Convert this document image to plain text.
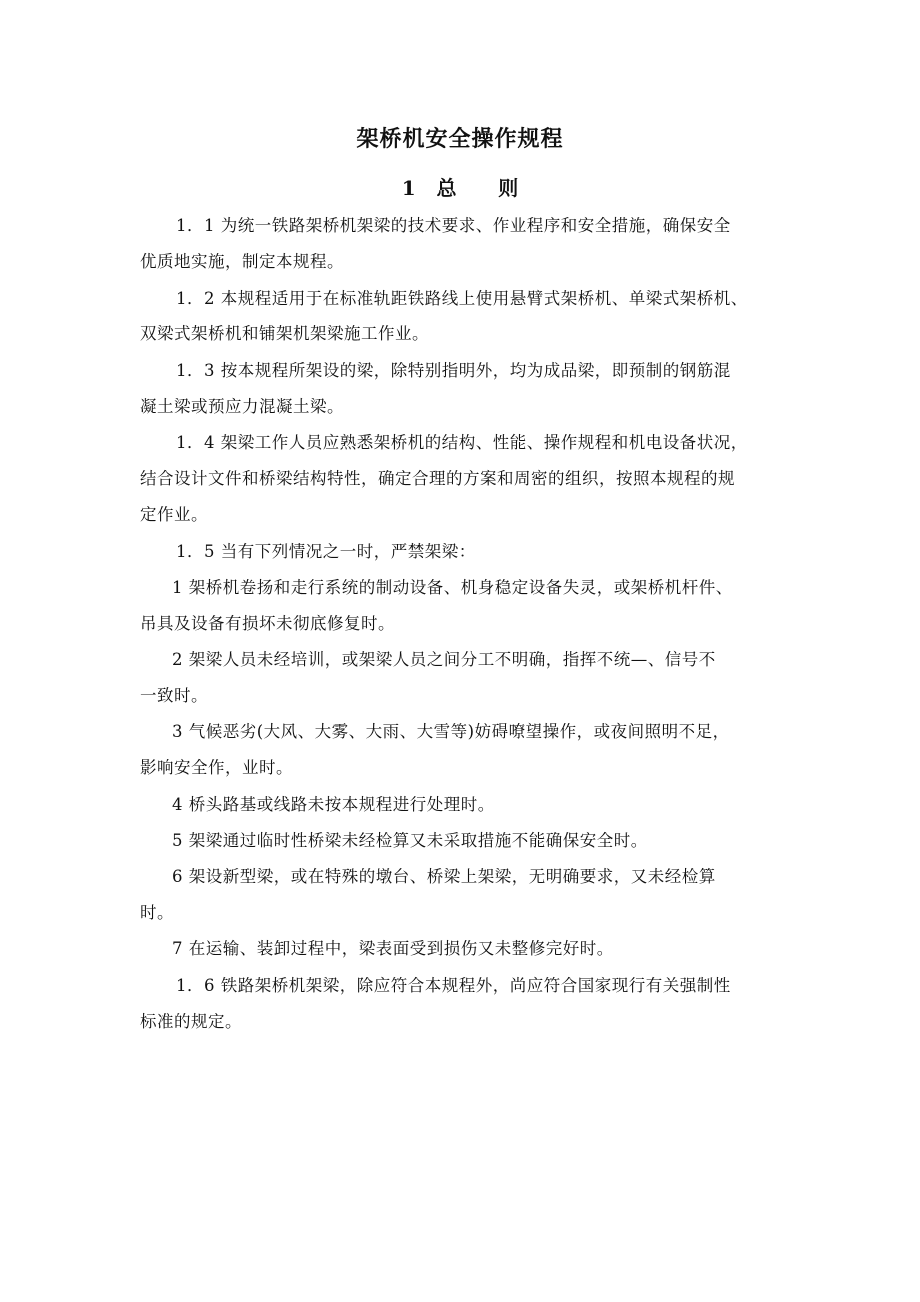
架桥机安全操作规程
1   总      则

1．1 为统一铁路架桥机架梁的技术要求、作业程序和安全措施，确保安全

优质地实施，制定本规程。

1．2 本规程适用于在标准轨距铁路线上使用悬臂式架桥机、单梁式架桥机、

双梁式架桥机和铺架机架梁施工作业。

1．3 按本规程所架设的梁，除特别指明外，均为成品梁，即预制的钢筋混

凝土梁或预应力混凝土梁。

1．4 架梁工作人员应熟悉架桥机的结构、性能、操作规程和机电设备状况，

结合设计文件和桥梁结构特性，确定合理的方案和周密的组织，按照本规程的规

定作业。

1．5 当有下列情况之一时，严禁架梁：

1 架桥机卷扬和走行系统的制动设备、机身稳定设备失灵，或架桥机杆件、

吊具及设备有损坏未彻底修复时。

2 架梁人员未经培训，或架梁人员之间分工不明确，指挥不统—、信号不

一致时。

3 气候恶劣(大风、大雾、大雨、大雪等)妨碍嘹望操作，或夜间照明不足，

影响安全作，业时。

4 桥头路基或线路未按本规程进行处理时。

5 架梁通过临时性桥梁未经检算又未采取措施不能确保安全时。

6 架设新型梁，或在特殊的墩台、桥梁上架梁，无明确要求，又未经检算

时。

7 在运输、装卸过程中，梁表面受到损伤又未整修完好时。

1．6 铁路架桥机架梁，除应符合本规程外，尚应符合国家现行有关强制性

标准的规定。
